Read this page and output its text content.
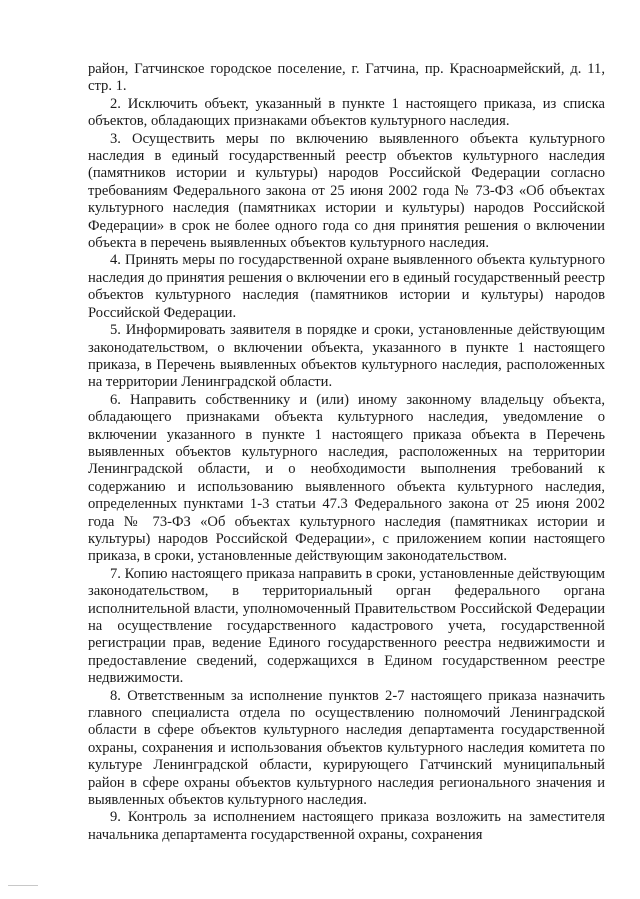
район, Гатчинское городское поселение, г. Гатчина, пр. Красноармейский, д. 11, стр. 1.

2. Исключить объект, указанный в пункте 1 настоящего приказа, из списка объектов, обладающих признаками объектов культурного наследия.

3. Осуществить меры по включению выявленного объекта культурного наследия в единый государственный реестр объектов культурного наследия (памятников истории и культуры) народов Российской Федерации согласно требованиям Федерального закона от 25 июня 2002 года № 73-ФЗ «Об объектах культурного наследия (памятниках истории и культуры) народов Российской Федерации» в срок не более одного года со дня принятия решения о включении объекта в перечень выявленных объектов культурного наследия.

4. Принять меры по государственной охране выявленного объекта культурного наследия до принятия решения о включении его в единый государственный реестр объектов культурного наследия (памятников истории и культуры) народов Российской Федерации.

5. Информировать заявителя в порядке и сроки, установленные действующим законодательством, о включении объекта, указанного в пункте 1 настоящего приказа, в Перечень выявленных объектов культурного наследия, расположенных на территории Ленинградской области.

6. Направить собственнику и (или) иному законному владельцу объекта, обладающего признаками объекта культурного наследия, уведомление о включении указанного в пункте 1 настоящего приказа объекта в Перечень выявленных объектов культурного наследия, расположенных на территории Ленинградской области, и о необходимости выполнения требований к содержанию и использованию выявленного объекта культурного наследия, определенных пунктами 1-3 статьи 47.3 Федерального закона от 25 июня 2002 года № 73-ФЗ «Об объектах культурного наследия (памятниках истории и культуры) народов Российской Федерации», с приложением копии настоящего приказа, в сроки, установленные действующим законодательством.

7. Копию настоящего приказа направить в сроки, установленные действующим законодательством, в территориальный орган федерального органа исполнительной власти, уполномоченный Правительством Российской Федерации на осуществление государственного кадастрового учета, государственной регистрации прав, ведение Единого государственного реестра недвижимости и предоставление сведений, содержащихся в Едином государственном реестре недвижимости.

8. Ответственным за исполнение пунктов 2-7 настоящего приказа назначить главного специалиста отдела по осуществлению полномочий Ленинградской области в сфере объектов культурного наследия департамента государственной охраны, сохранения и использования объектов культурного наследия комитета по культуре Ленинградской области, курирующего Гатчинский муниципальный район в сфере охраны объектов культурного наследия регионального значения и выявленных объектов культурного наследия.

9. Контроль за исполнением настоящего приказа возложить на заместителя начальника департамента государственной охраны, сохранения
